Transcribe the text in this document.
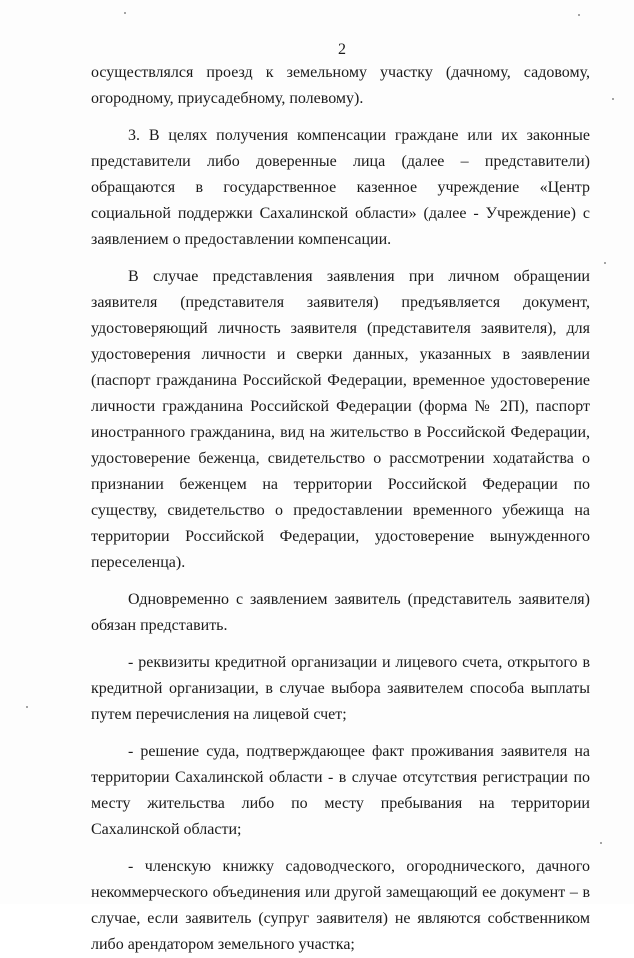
2

осуществлялся проезд к земельному участку (дачному, садовому, огородному, приусадебному, полевому).

3. В целях получения компенсации граждане или их законные представители либо доверенные лица (далее – представители) обращаются в государственное казенное учреждение «Центр социальной поддержки Сахалинской области» (далее - Учреждение) с заявлением о предоставлении компенсации.

В случае представления заявления при личном обращении заявителя (представителя заявителя) предъявляется документ, удостоверяющий личность заявителя (представителя заявителя), для удостоверения личности и сверки данных, указанных в заявлении (паспорт гражданина Российской Федерации, временное удостоверение личности гражданина Российской Федерации (форма № 2П), паспорт иностранного гражданина, вид на жительство в Российской Федерации, удостоверение беженца, свидетельство о рассмотрении ходатайства о признании беженцем на территории Российской Федерации по существу, свидетельство о предоставлении временного убежища на территории Российской Федерации, удостоверение вынужденного переселенца).

Одновременно с заявлением заявитель (представитель заявителя) обязан представить.

- реквизиты кредитной организации и лицевого счета, открытого в кредитной организации, в случае выбора заявителем способа выплаты путем перечисления на лицевой счет;

- решение суда, подтверждающее факт проживания заявителя на территории Сахалинской области - в случае отсутствия регистрации по месту жительства либо по месту пребывания на территории Сахалинской области;

- членскую книжку садоводческого, огороднического, дачного некоммерческого объединения или другой замещающий ее документ – в случае, если заявитель (супруг заявителя) не являются собственником либо арендатором земельного участка;
